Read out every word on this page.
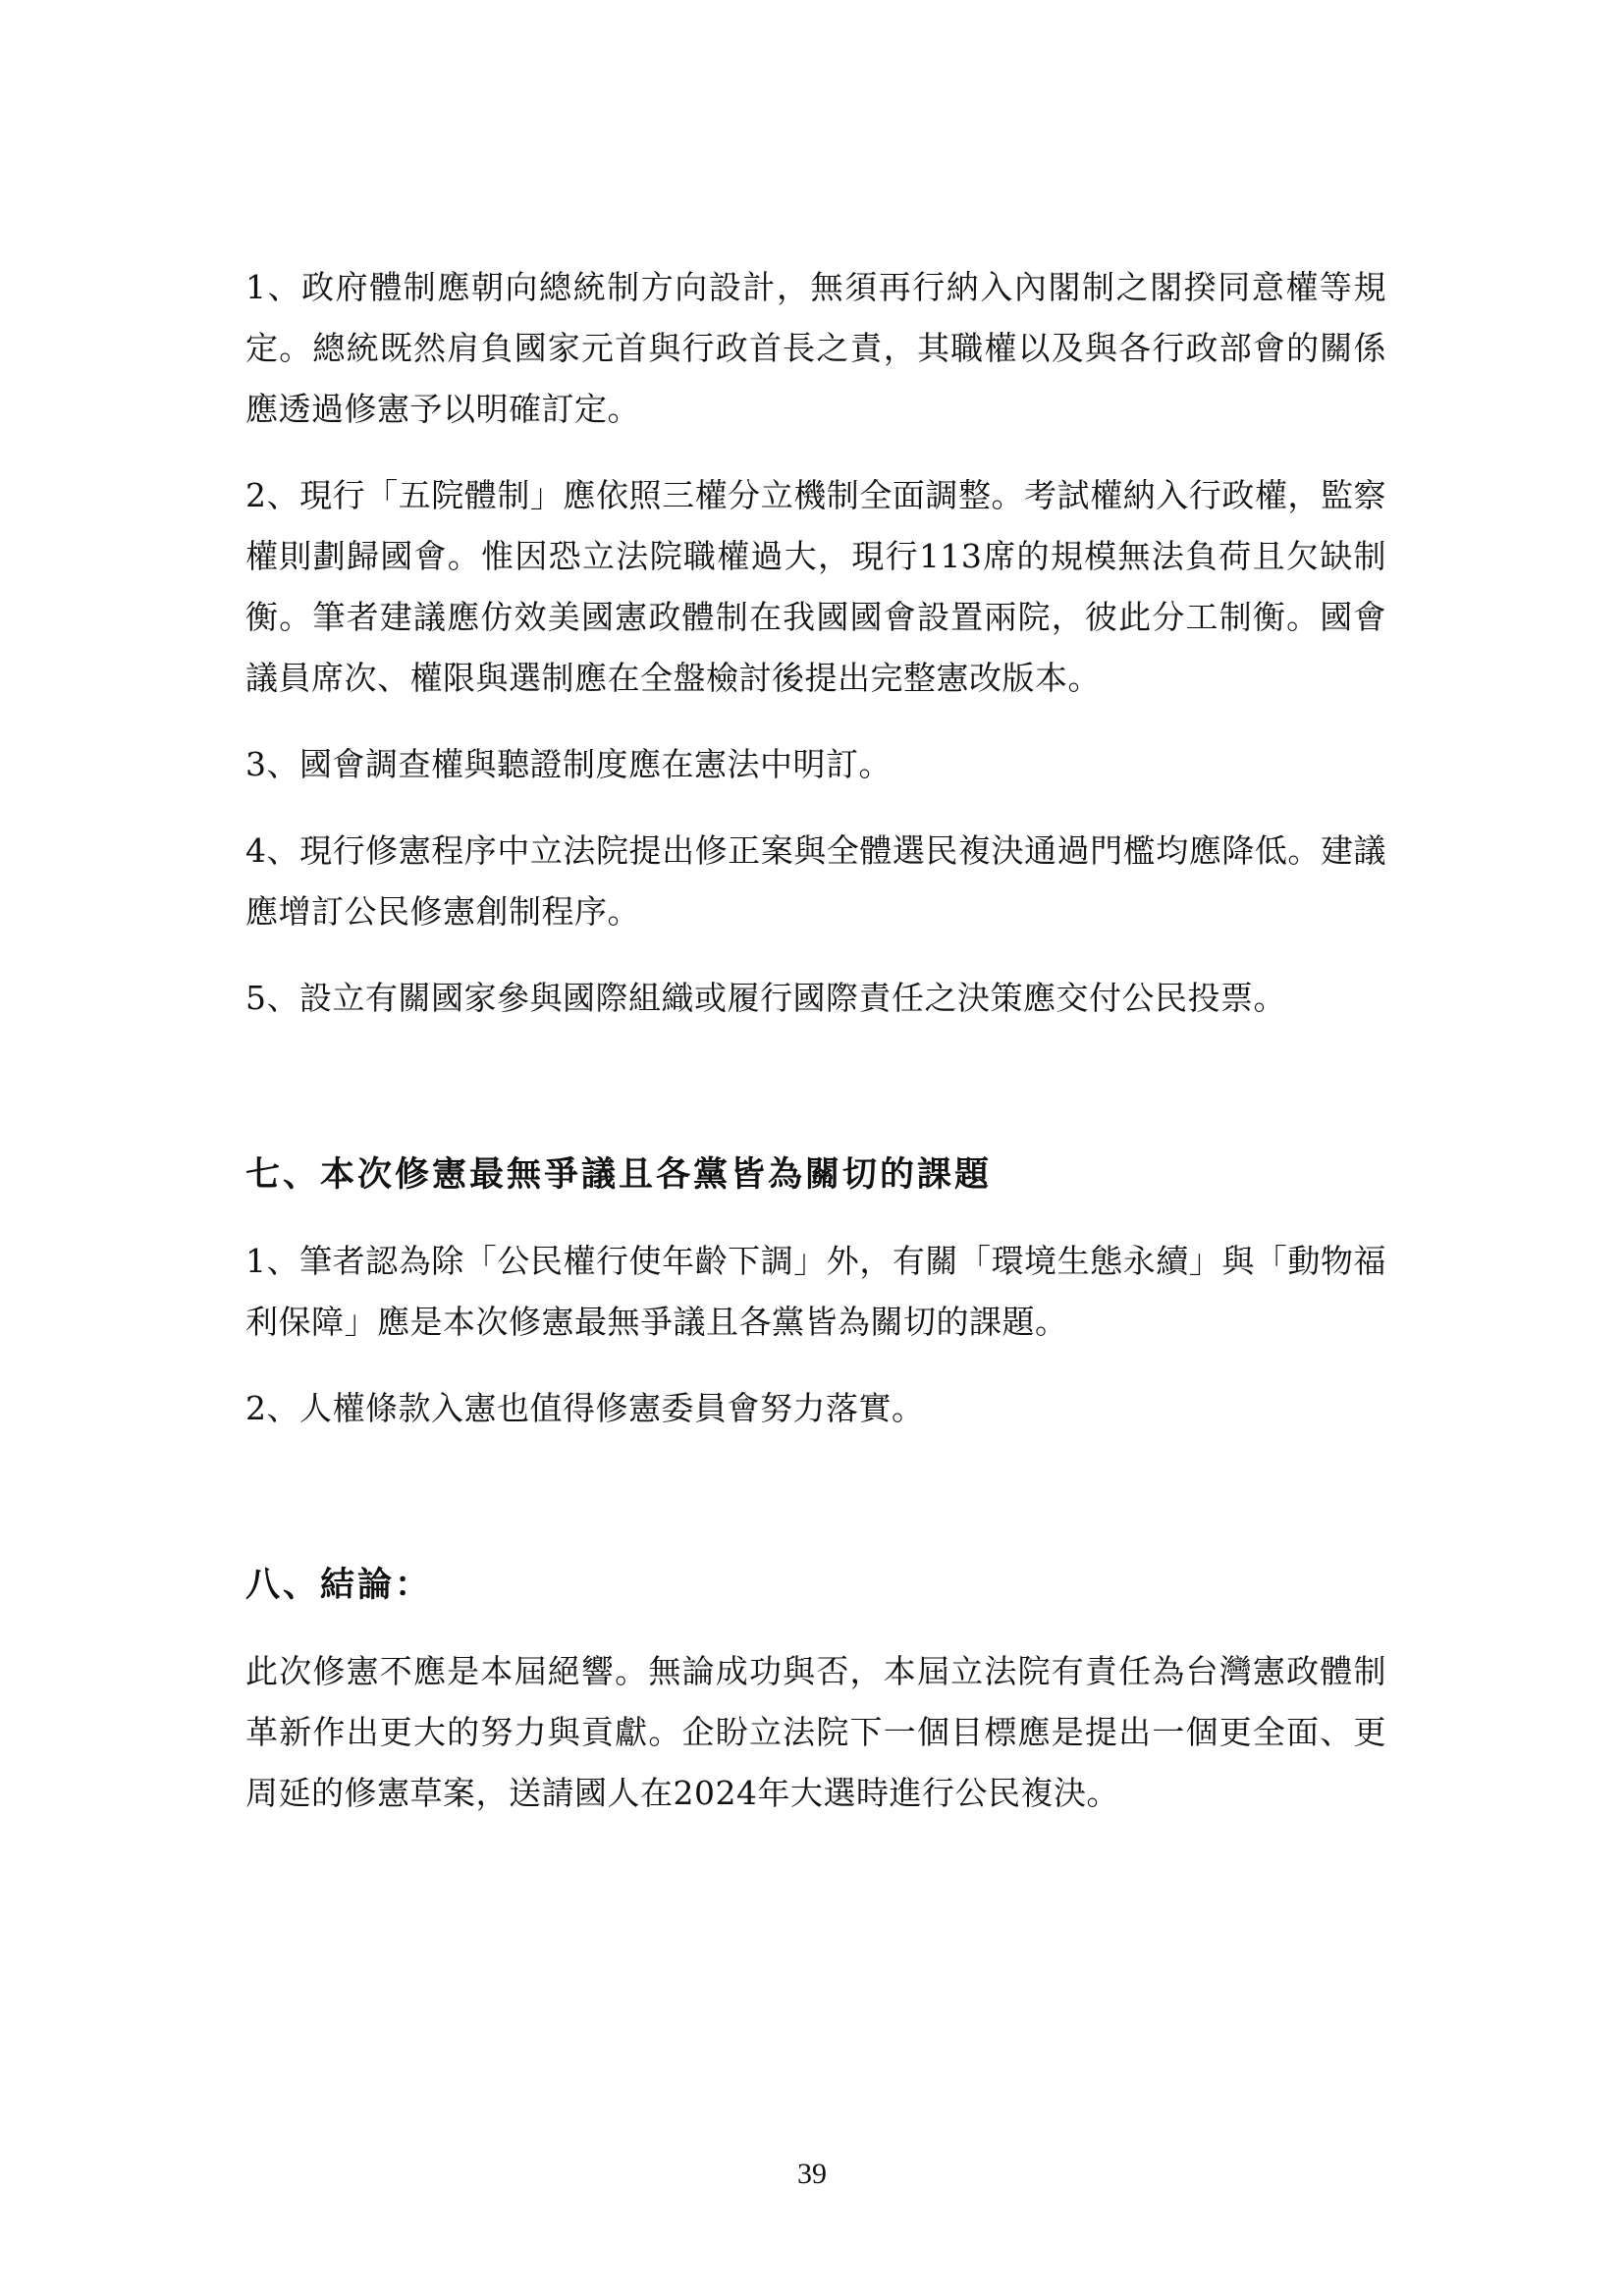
1、政府體制應朝向總統制方向設計，無須再行納入內閣制之閣揆同意權等規定。總統既然肩負國家元首與行政首長之責，其職權以及與各行政部會的關係應透過修憲予以明確訂定。

2、現行「五院體制」應依照三權分立機制全面調整。考試權納入行政權，監察權則劃歸國會。惟因恐立法院職權過大，現行113席的規模無法負荷且欠缺制衡。筆者建議應仿效美國憲政體制在我國國會設置兩院，彼此分工制衡。國會議員席次、權限與選制應在全盤檢討後提出完整憲改版本。

3、國會調查權與聽證制度應在憲法中明訂。

4、現行修憲程序中立法院提出修正案與全體選民複決通過門檻均應降低。建議應增訂公民修憲創制程序。

5、設立有關國家參與國際組織或履行國際責任之決策應交付公民投票。

七、本次修憲最無爭議且各黨皆為關切的課題

1、筆者認為除「公民權行使年齡下調」外，有關「環境生態永續」與「動物福利保障」應是本次修憲最無爭議且各黨皆為關切的課題。

2、人權條款入憲也值得修憲委員會努力落實。

八、結論：

此次修憲不應是本屆絕響。無論成功與否，本屆立法院有責任為台灣憲政體制革新作出更大的努力與貢獻。企盼立法院下一個目標應是提出一個更全面、更周延的修憲草案，送請國人在2024年大選時進行公民複決。

39
